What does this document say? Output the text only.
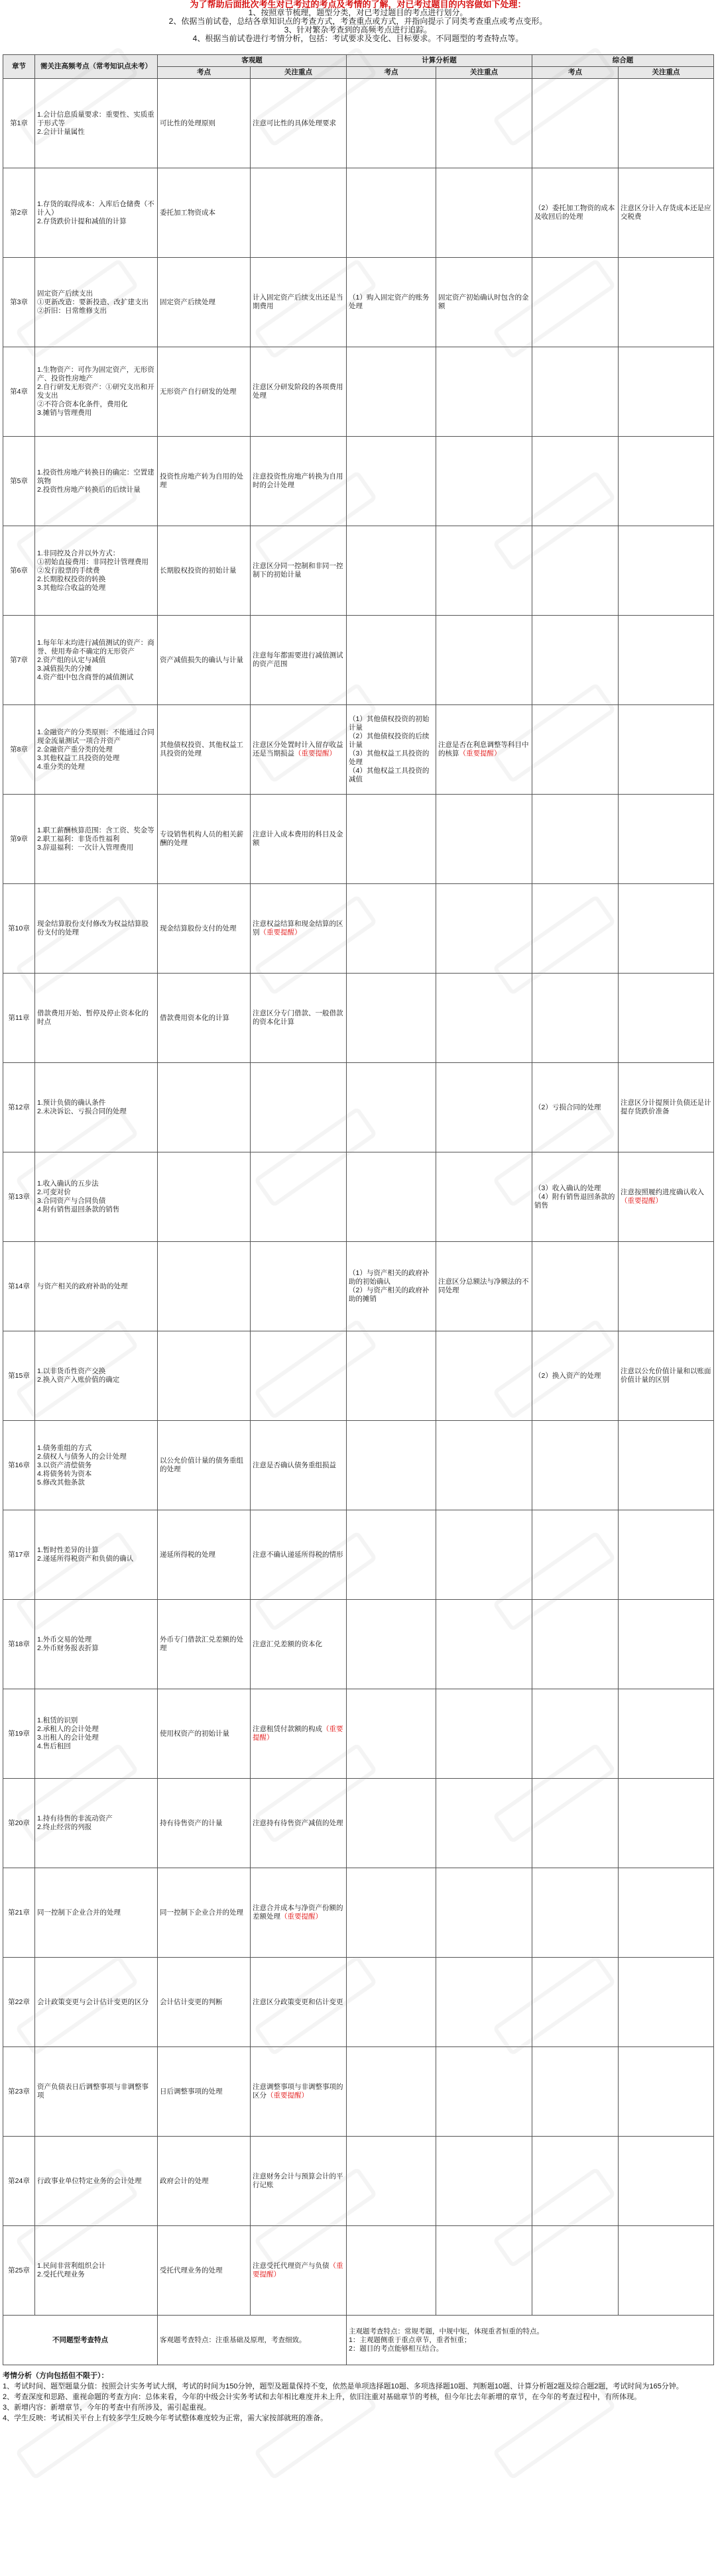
为了帮助后面批次考生对已考过的考点及考情的了解，对已考过题目的内容做如下处理：
1、按照章节梳理，题型分类，对已考过题目的考点进行划分。
2、依据当前试卷，总结各章知识点的考查方式，考查重点或方式，并指向提示了同类考查重点或考点变形。
3、针对繁杂考查到的高频考点进行追踪。
4、根据当前试卷进行考情分析，包括：考试要求及变化、目标要求。不同题型的考查特点等。
章节	需关注高频考点（常考知识点未考）	客观题		计算分析题		综合题	
		考点	关注重点	考点	关注重点	考点	关注重点
第1章	1.会计信息质量要求：重要性、实质重于形式等
2.会计计量属性	可比性的处理原则	注意可比性的具体处理要求				
第2章	1.存货的取得成本：入库后仓储费（不计入）
2.存货跌价计提和减值的计算	委托加工物资成本				（2）委托加工物资的成本及收回后的处理	注意区分计入存货成本还是应交税费
第3章	固定资产后续支出
①更新改造：要新投造、改扩建支出
②折旧：日常维修支出	固定资产后续处理	计入固定资产后续支出还是当期费用	（1）购入固定资产的账务处理	固定资产初始确认时包含的金额		
第4章	1.生物资产：可作为固定资产，无形资产、投资性房地产
2.自行研发无形资产：①研究支出和开发支出
②不符合资本化条件，费用化
3.摊销与管理费用	无形资产自行研发的处理	注意区分研发阶段的各项费用处理				
第5章	1.投资性房地产转换日的确定：空置建筑物
2.投资性房地产转换后的后续计量	投资性房地产转为自用的处理	注意投资性房地产转换为自用时的会计处理				
第6章	1.非同控及合并以外方式：
①初始直接费用：非同控计管理费用
②发行股票的手续费
2.长期股权投资的转换
3.其他综合收益的处理	长期股权投资的初始计量	注意区分同一控制和非同一控制下的初始计量				
第7章	1.每年年末均进行减值测试的资产：商誉、使用寿命不确定的无形资产
2.资产组的认定与减值
3.减值损失的分摊
4.资产组中包含商誉的减值测试	资产减值损失的确认与计量	注意每年都需要进行减值测试的资产范围				
第8章	1.金融资产的分类原则：不能通过合同现金流量测试一项合并资产
2.金融资产重分类的处理
3.其他权益工具投资的处理
4.重分类的处理	其他债权投资、其他权益工具投资的处理	注意区分处置时计入留存收益还是当期损益（重要提醒）	（1）其他债权投资的初始计量
（2）其他债权投资的后续计量
（3）其他权益工具投资的处理
（4）其他权益工具投资的减值	注意是否在利息调整等科目中的核算（重要提醒）		
第9章	1.职工薪酬核算范围：含工资、奖金等
2.职工福利：非货币性福利
3.辞退福利：一次计入管理费用	专设销售机构人员的相关薪酬的处理	注意计入成本费用的科目及金额				
第10章	现金结算股份支付修改为权益结算股份支付的处理	现金结算股份支付的处理	注意权益结算和现金结算的区别（重要提醒）				
第11章	借款费用开始、暂停及停止资本化的时点	借款费用资本化的计算	注意区分专门借款、一般借款的资本化计算				
第12章	1.预计负债的确认条件
2.未决诉讼、亏损合同的处理					（2）亏损合同的处理	注意区分计提预计负债还是计提存货跌价准备
第13章	1.收入确认的五步法
2.可变对价
3.合同资产与合同负债
4.附有销售退回条款的销售					（3）收入确认的处理
（4）附有销售退回条款的销售	注意按照履约进度确认收入（重要提醒）
第14章	与资产相关的政府补助的处理			（1）与资产相关的政府补助的初始确认
（2）与资产相关的政府补助的摊销	注意区分总额法与净额法的不同处理		
第15章	1.以非货币性资产交换
2.换入资产入账价值的确定					（2）换入资产的处理	注意以公允价值计量和以账面价值计量的区别
第16章	1.债务重组的方式
2.债权人与债务人的会计处理
3.以资产清偿债务
4.将债务转为资本
5.修改其他条款	以公允价值计量的债务重组的处理	注意是否确认债务重组损益				
第17章	1.暂时性差异的计算
2.递延所得税资产和负债的确认	递延所得税的处理	注意不确认递延所得税的情形				
第18章	1.外币交易的处理
2.外币财务报表折算	外币专门借款汇兑差额的处理	注意汇兑差额的资本化				
第19章	1.租赁的识别
2.承租人的会计处理
3.出租人的会计处理
4.售后租回	使用权资产的初始计量	注意租赁付款额的构成（重要提醒）				
第20章	1.持有待售的非流动资产
2.终止经营的列报	持有待售资产的计量	注意持有待售资产减值的处理				
第21章	同一控制下企业合并的处理	同一控制下企业合并的处理	注意合并成本与净资产份额的差额处理（重要提醒）				
第22章	会计政策变更与会计估计变更的区分	会计估计变更的判断	注意区分政策变更和估计变更				
第23章	资产负债表日后调整事项与非调整事项	日后调整事项的处理	注意调整事项与非调整事项的区分（重要提醒）				
第24章	行政事业单位特定业务的会计处理	政府会计的处理	注意财务会计与预算会计的平行记账				
第25章	1.民间非营利组织会计
2.受托代理业务	受托代理业务的处理	注意受托代理资产与负债（重要提醒）				
不同题型考查特点		客观题考查特点：注重基础及原理，考查细致。		主观题考查特点：常规考题，中规中矩，体现重者恒重的特点。
1：主观题侧重于重点章节，重者恒重；
2：题目的考点能够相互结合。			
考情分析（方向包括但不限于）：
1、考试时间、题型题量分值：按照会计实务考试大纲，考试的时间为150分钟，题型及题量保持不变，依然是单项选择题10题、多项选择题10题、判断题10题、计算分析题2题及综合题2题，考试时间为165分钟。
2、考查深度和思路、重视命题的考查方向：总体来看，今年的中级会计实务考试和去年相比难度并未上升，依旧注重对基础章节的考核，但今年比去年新增的章节，在今年的考查过程中，有所体现。
3、新增内容：新增章节，今年的考查中有所涉及，需引起重视。
4、学生反映：考试相关平台上有较多学生反映今年考试整体难度较为正常，需大家按部就班的准备。
